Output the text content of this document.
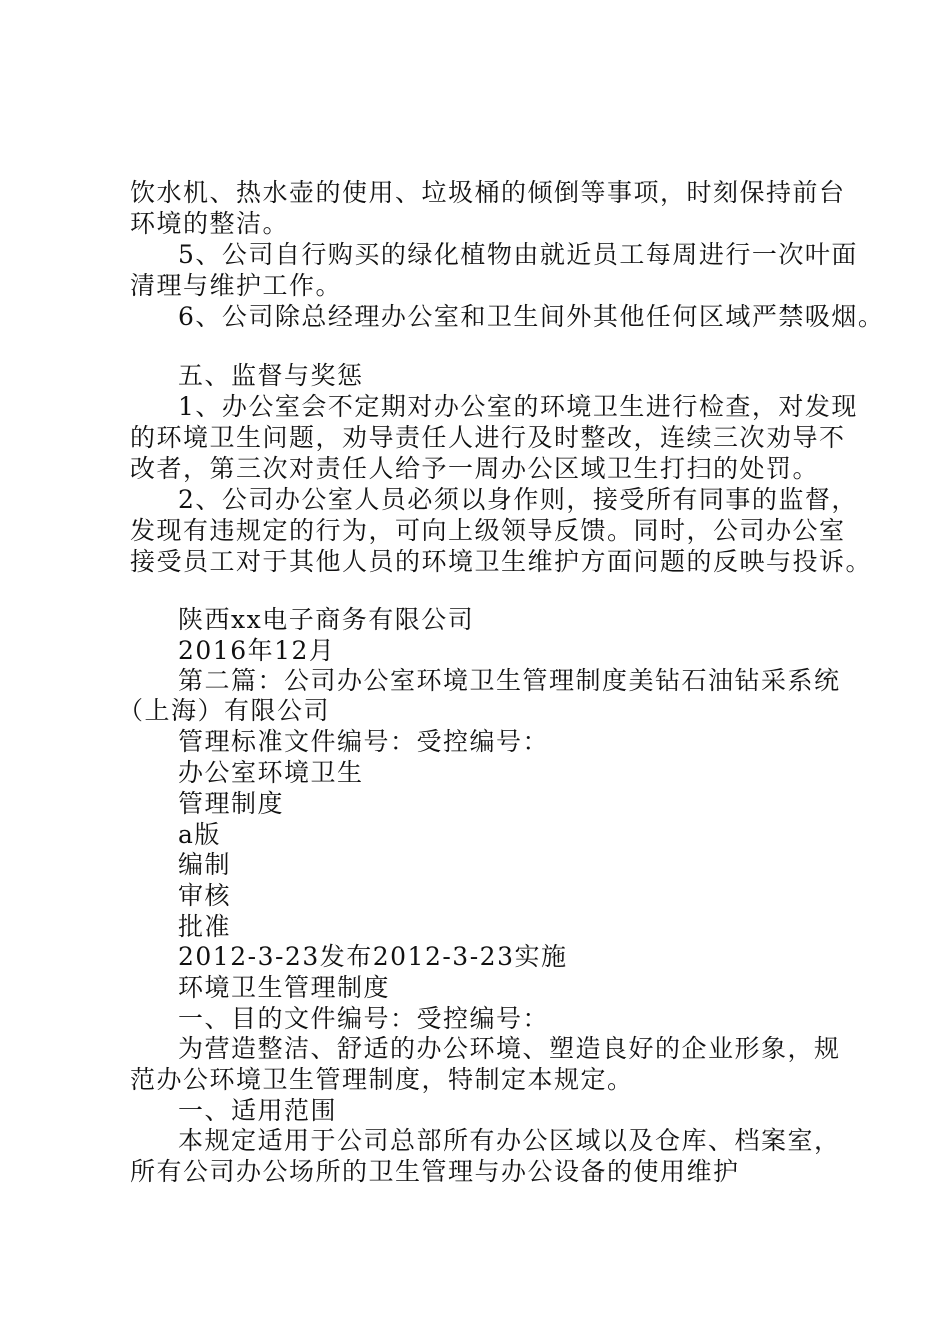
饮水机、热水壶的使用、垃圾桶的倾倒等事项，时刻保持前台
环境的整洁。
5、公司自行购买的绿化植物由就近员工每周进行一次叶面
清理与维护工作。
6、公司除总经理办公室和卫生间外其他任何区域严禁吸烟。
五、监督与奖惩
1、办公室会不定期对办公室的环境卫生进行检查，对发现
的环境卫生问题，劝导责任人进行及时整改，连续三次劝导不
改者，第三次对责任人给予一周办公区域卫生打扫的处罚。
2、公司办公室人员必须以身作则，接受所有同事的监督，
发现有违规定的行为，可向上级领导反馈。同时，公司办公室
接受员工对于其他人员的环境卫生维护方面问题的反映与投诉。
陕西xx电子商务有限公司
2016年12月
第二篇：公司办公室环境卫生管理制度美钻石油钻采系统
（上海）有限公司
管理标准文件编号：受控编号：
办公室环境卫生
管理制度
a版
编制
审核
批准
2012-3-23发布2012-3-23实施
环境卫生管理制度
一、目的文件编号：受控编号：
为营造整洁、舒适的办公环境、塑造良好的企业形象，规
范办公环境卫生管理制度，特制定本规定。
一、适用范围
本规定适用于公司总部所有办公区域以及仓库、档案室，
所有公司办公场所的卫生管理与办公设备的使用维护
